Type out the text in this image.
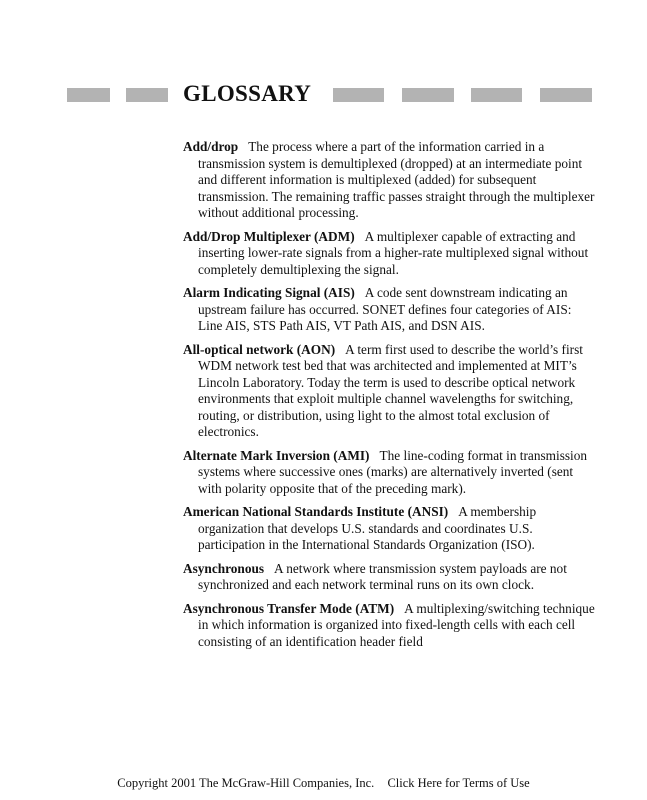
GLOSSARY

Add/drop The process where a part of the information carried in a transmission system is demultiplexed (dropped) at an intermediate point and different information is multiplexed (added) for subsequent transmission. The remaining traffic passes straight through the multiplexer without additional processing.

Add/Drop Multiplexer (ADM) A multiplexer capable of extracting and inserting lower-rate signals from a higher-rate multiplexed signal without completely demultiplexing the signal.

Alarm Indicating Signal (AIS) A code sent downstream indicating an upstream failure has occurred. SONET defines four categories of AIS: Line AIS, STS Path AIS, VT Path AIS, and DSN AIS.

All-optical network (AON) A term first used to describe the world’s first WDM network test bed that was architected and implemented at MIT’s Lincoln Laboratory. Today the term is used to describe optical network environments that exploit multiple channel wavelengths for switching, routing, or distribution, using light to the almost total exclusion of electronics.

Alternate Mark Inversion (AMI) The line-coding format in transmission systems where successive ones (marks) are alternatively inverted (sent with polarity opposite that of the preceding mark).

American National Standards Institute (ANSI) A membership organization that develops U.S. standards and coordinates U.S. participation in the International Standards Organization (ISO).

Asynchronous A network where transmission system payloads are not synchronized and each network terminal runs on its own clock.

Asynchronous Transfer Mode (ATM) A multiplexing/switching technique in which information is organized into fixed-length cells with each cell consisting of an identification header field

Copyright 2001 The McGraw-Hill Companies, Inc. Click Here for Terms of Use
